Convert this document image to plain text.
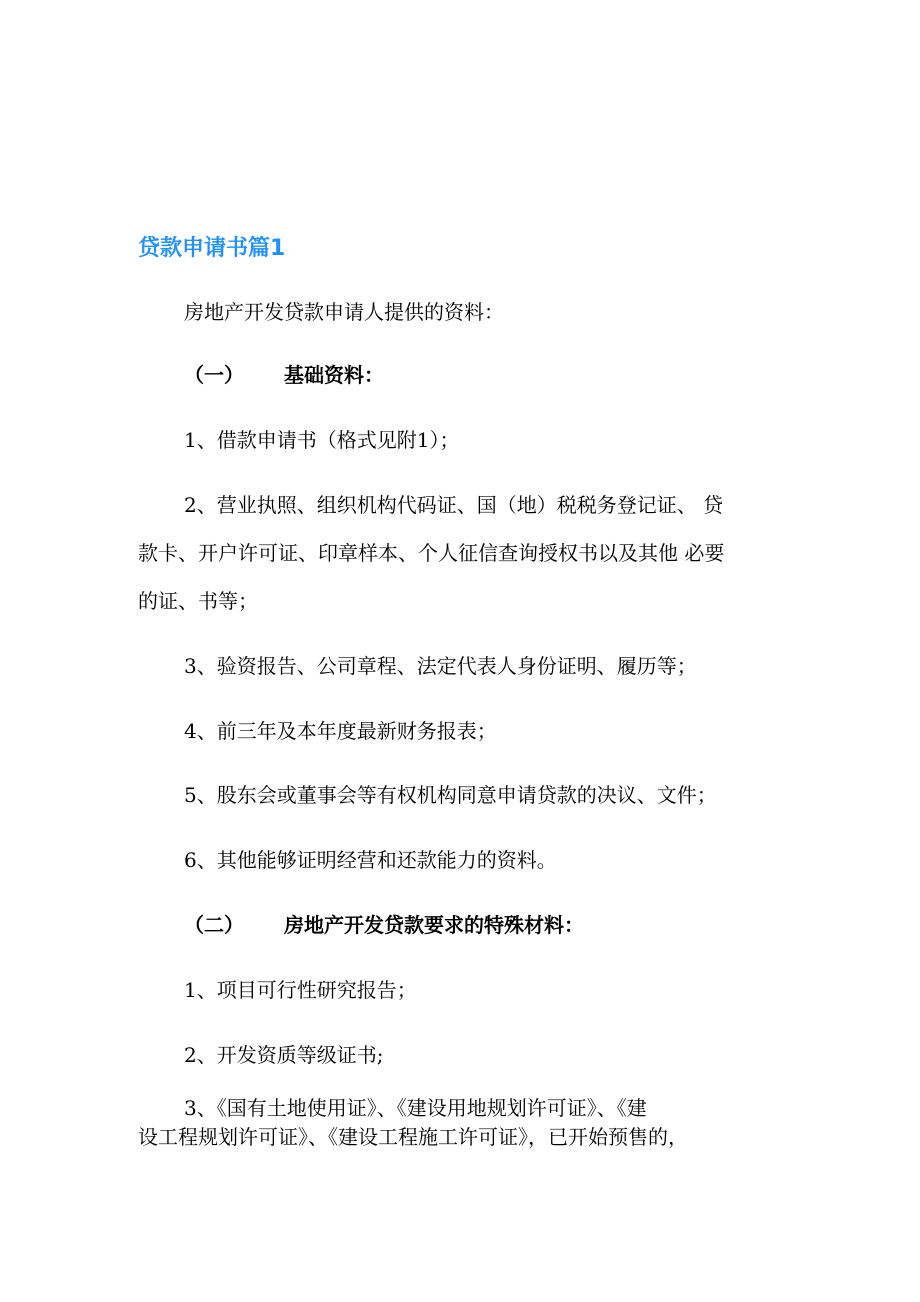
贷款申请书篇1
房地产开发贷款申请人提供的资料：
（一） 基础资料：
1、借款申请书（格式见附1）；
2、营业执照、组织机构代码证、国（地）税税务登记证、 贷
款卡、开户许可证、印章样本、个人征信查询授权书以及其他 必要
的证、书等；
3、验资报告、公司章程、法定代表人身份证明、履历等；
4、前三年及本年度最新财务报表；
5、股东会或董事会等有权机构同意申请贷款的决议、文件；
6、其他能够证明经营和还款能力的资料。
（二） 房地产开发贷款要求的特殊材料：
1、项目可行性研究报告；
2、开发资质等级证书;
3、《国有土地使用证》、《建设用地规划许可证》、《建
设工程规划许可证》、《建设工程施工许可证》，已开始预售的，
